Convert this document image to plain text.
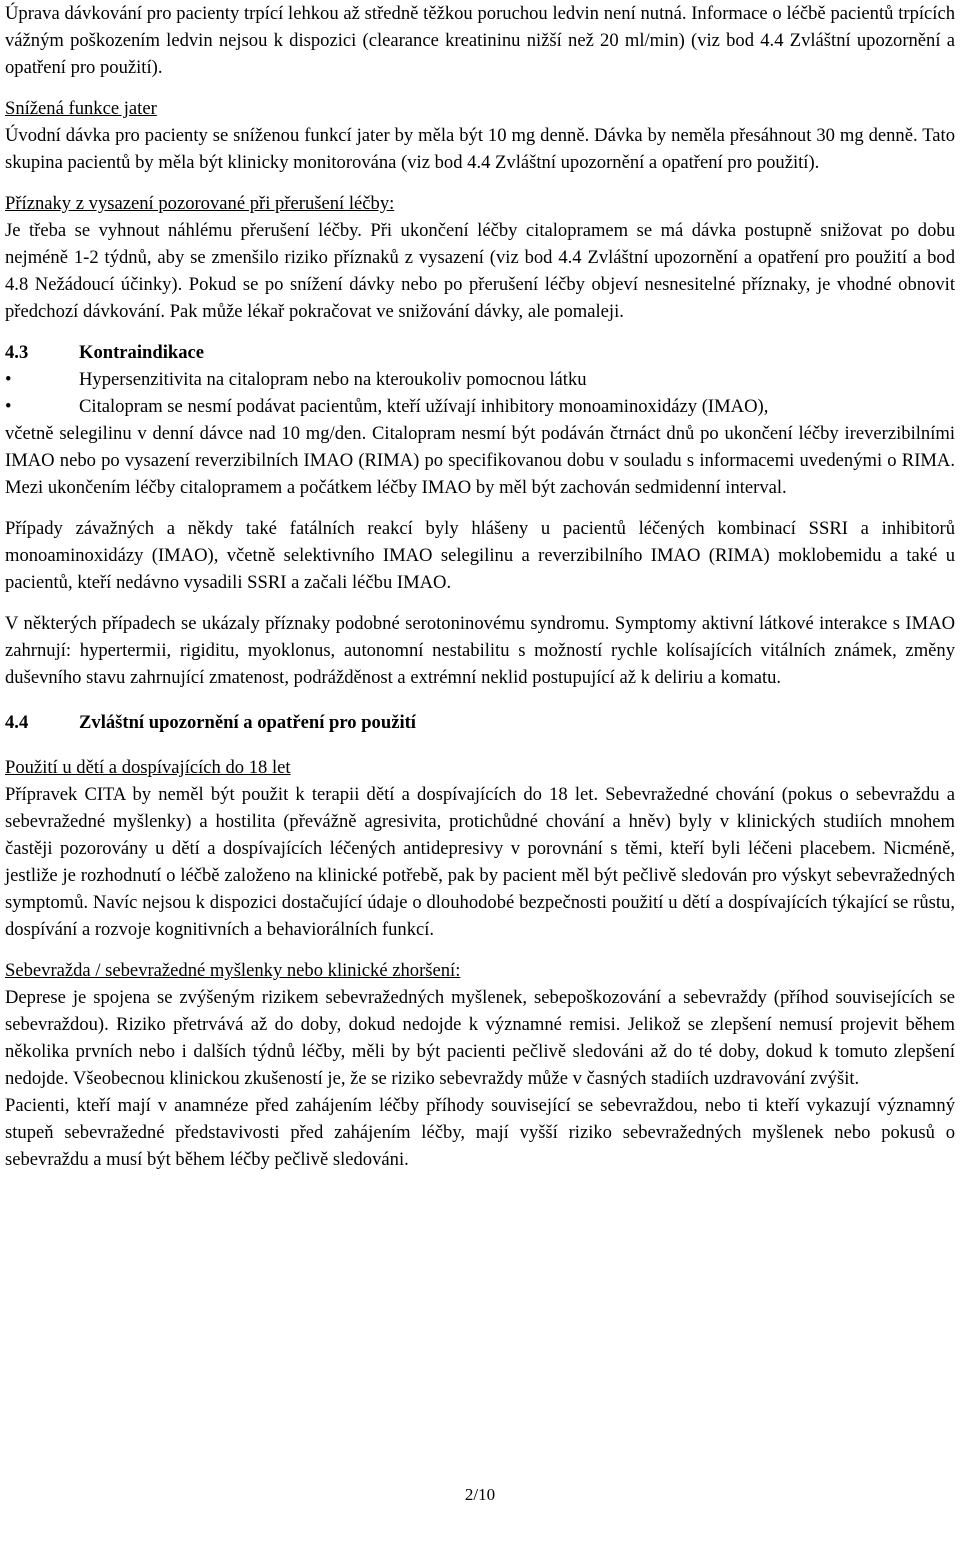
Úprava dávkování pro pacienty trpící lehkou až středně těžkou poruchou ledvin není nutná. Informace o léčbě pacientů trpících vážným poškozením ledvin nejsou k dispozici (clearance kreatininu nižší než 20 ml/min) (viz bod 4.4 Zvláštní upozornění a opatření pro použití).

Snížená funkce jater

Úvodní dávka pro pacienty se sníženou funkcí jater by měla být 10 mg denně. Dávka by neměla přesáhnout 30 mg denně. Tato skupina pacientů by měla být klinicky monitorována (viz bod 4.4 Zvláštní upozornění a opatření pro použití).

Příznaky z vysazení pozorované při přerušení léčby:

Je třeba se vyhnout náhlému přerušení léčby. Při ukončení léčby citalopramem se má dávka postupně snižovat po dobu nejméně 1-2 týdnů, aby se zmenšilo riziko příznaků z vysazení (viz bod 4.4 Zvláštní upozornění a opatření pro použití a bod 4.8 Nežádoucí účinky). Pokud se po snížení dávky nebo po přerušení léčby objeví nesnesitelné příznaky, je vhodné obnovit předchozí dávkování. Pak může lékař pokračovat ve snižování dávky, ale pomaleji.

4.3	Kontraindikace
•	Hypersenzitivita na citalopram nebo na kteroukoliv pomocnou látku
•	Citalopram se nesmí podávat pacientům, kteří užívají inhibitory monoaminoxidázy (IMAO),

včetně selegilinu v denní dávce nad 10 mg/den. Citalopram nesmí být podáván čtrnáct dnů po ukončení léčby ireverzibilními IMAO nebo po vysazení reverzibilních IMAO (RIMA) po specifikovanou dobu v souladu s informacemi uvedenými o RIMA. Mezi ukončením léčby citalopramem a počátkem léčby IMAO by měl být zachován sedmidenní interval.

Případy závažných a někdy také fatálních reakcí byly hlášeny u pacientů léčených kombinací SSRI a inhibitorů monoaminoxidázy (IMAO), včetně selektivního IMAO selegilinu a reverzibilního IMAO (RIMA) moklobemidu a také u pacientů, kteří nedávno vysadili SSRI a začali léčbu IMAO.

V některých případech se ukázaly příznaky podobné serotoninovému syndromu. Symptomy aktivní látkové interakce s IMAO zahrnují: hypertermii, rigiditu, myoklonus, autonomní nestabilitu s možností rychle kolísajících vitálních známek, změny duševního stavu zahrnující zmatenost, podrážděnost a extrémní neklid postupující až k deliriu a komatu.

4.4	Zvláštní upozornění a opatření pro použití

Použití u dětí a dospívajících do 18 let

Přípravek CITA by neměl být použit k terapii dětí a dospívajících do 18 let. Sebevražedné chování (pokus o sebevraždu a sebevražedné myšlenky) a hostilita (převážně agresivita, protichůdné chování a hněv) byly v klinických studiích mnohem častěji pozorovány u dětí a dospívajících léčených antidepresivy v porovnání s těmi, kteří byli léčeni placebem. Nicméně, jestliže je rozhodnutí o léčbě založeno na klinické potřebě, pak by pacient měl být pečlivě sledován pro výskyt sebevražedných symptomů. Navíc nejsou k dispozici dostačující údaje o dlouhodobé bezpečnosti použití u dětí a dospívajících týkající se růstu, dospívání a rozvoje kognitivních a behaviorálních funkcí.

Sebevražda / sebevražedné myšlenky nebo klinické zhoršení:

Deprese je spojena se zvýšeným rizikem sebevražedných myšlenek, sebepoškozování a sebevraždy (příhod souvisejících se sebevraždou). Riziko přetrvává až do doby, dokud nedojde k významné remisi. Jelikož se zlepšení nemusí projevit během několika prvních nebo i dalších týdnů léčby, měli by být pacienti pečlivě sledováni až do té doby, dokud k tomuto zlepšení nedojde. Všeobecnou klinickou zkušeností je, že se riziko sebevraždy může v časných stadiích uzdravování zvýšit.

Pacienti, kteří mají v anamnéze před zahájením léčby příhody související se sebevraždou, nebo ti kteří vykazují významný stupeň sebevražedné představivosti před zahájením léčby, mají vyšší riziko sebevražedných myšlenek nebo pokusů o sebevraždu a musí být během léčby pečlivě sledováni.

2/10
